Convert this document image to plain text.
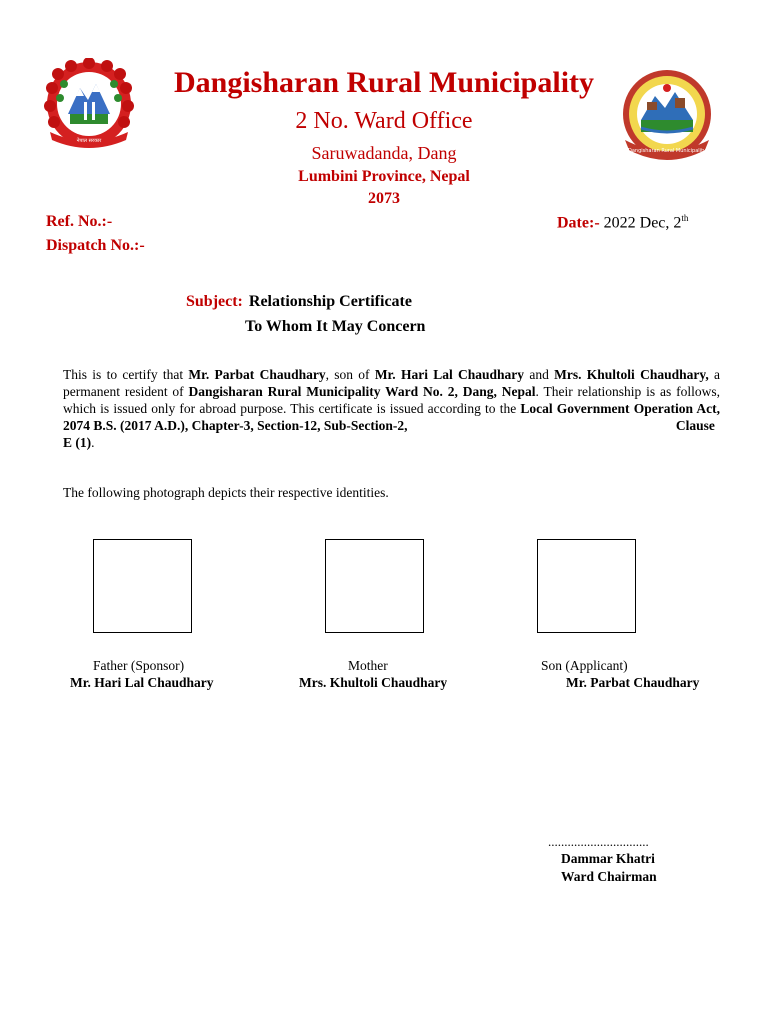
नेपाल सरकार
Dangisharan Rural Municipality
Dangisharan Rural Municipality
2 No. Ward Office
Saruwadanda, Dang
Lumbini Province, Nepal
2073
Ref. No.:-
Dispatch No.:-
Date:- 2022 Dec, 2th
Subject: Relationship Certificate
To Whom It May Concern
This is to certify that Mr. Parbat Chaudhary, son of Mr. Hari Lal Chaudhary and Mrs. Khultoli Chaudhary, a permanent resident of Dangisharan Rural Municipality Ward No. 2, Dang, Nepal. Their relationship is as follows, which is issued only for abroad purpose. This certificate is issued according to the Local Government Operation Act, 2074 B.S. (2017 A.D.), Chapter-3, Section-12, Sub-Section-2,	Clause
E (1).
The following photograph depicts their respective identities.
Father (Sponsor)
Mr. Hari Lal Chaudhary
Mother
Mrs. Khultoli Chaudhary
Son (Applicant)
Mr. Parbat Chaudhary
...............................
Dammar Khatri
Ward Chairman
